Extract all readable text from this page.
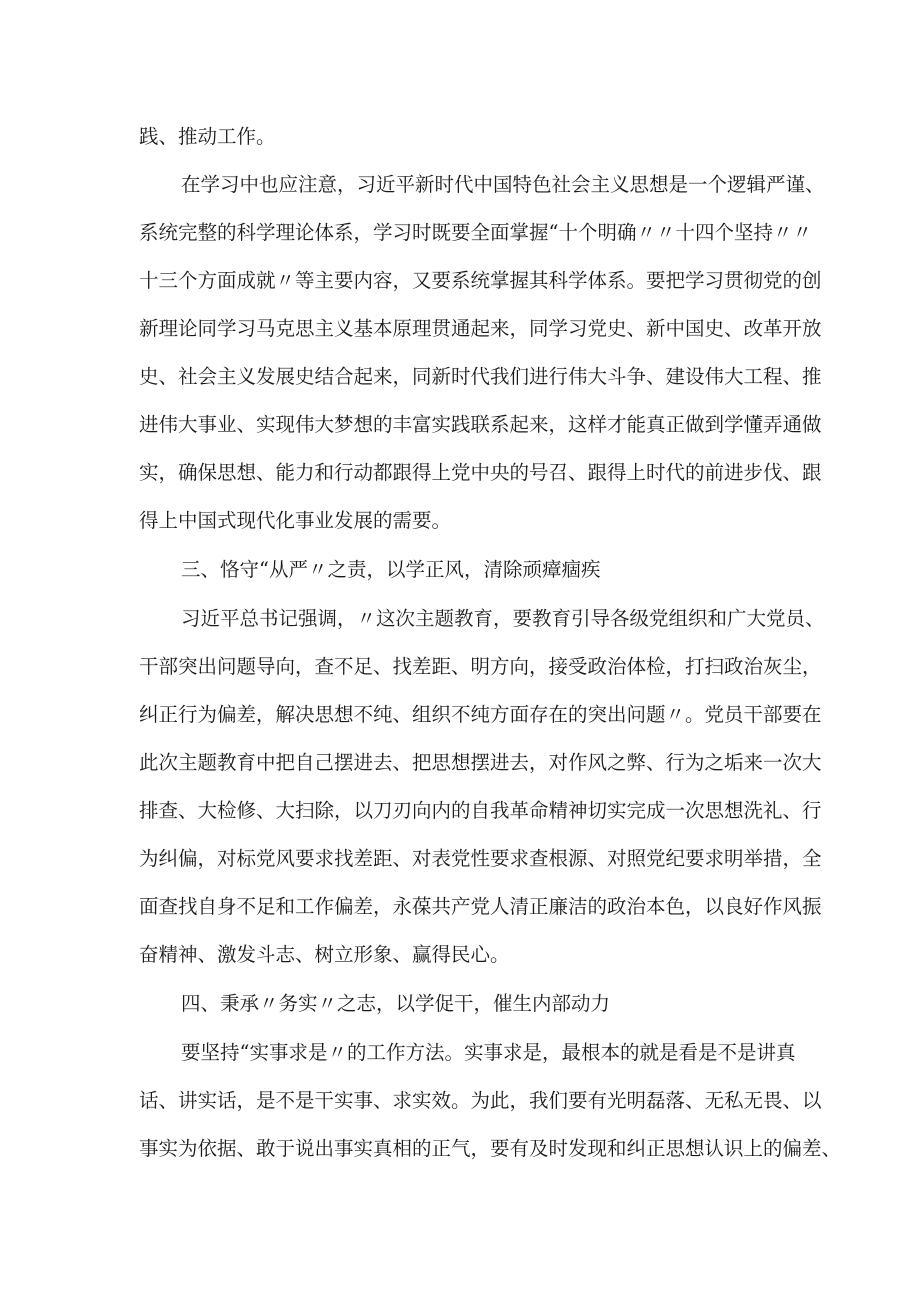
践、推动工作。
在学习中也应注意，习近平新时代中国特色社会主义思想是一个逻辑严谨、
系统完整的科学理论体系，学习时既要全面掌握“十个明确〃〃十四个坚持〃〃
十三个方面成就〃等主要内容，又要系统掌握其科学体系。要把学习贯彻党的创
新理论同学习马克思主义基本原理贯通起来，同学习党史、新中国史、改革开放
史、社会主义发展史结合起来，同新时代我们进行伟大斗争、建设伟大工程、推
进伟大事业、实现伟大梦想的丰富实践联系起来，这样才能真正做到学懂弄通做
实，确保思想、能力和行动都跟得上党中央的号召、跟得上时代的前进步伐、跟
得上中国式现代化事业发展的需要。
三、恪守“从严〃之责，以学正风，清除顽瘴痼疾
习近平总书记强调，〃这次主题教育，要教育引导各级党组织和广大党员、
干部突出问题导向，查不足、找差距、明方向，接受政治体检，打扫政治灰尘，
纠正行为偏差，解决思想不纯、组织不纯方面存在的突出问题〃。党员干部要在
此次主题教育中把自己摆进去、把思想摆进去，对作风之弊、行为之垢来一次大
排查、大检修、大扫除，以刀刃向内的自我革命精神切实完成一次思想洗礼、行
为纠偏，对标党风要求找差距、对表党性要求查根源、对照党纪要求明举措，全
面查找自身不足和工作偏差，永葆共产党人清正廉洁的政治本色，以良好作风振
奋精神、激发斗志、树立形象、赢得民心。
四、秉承〃务实〃之志，以学促干，催生内部动力
要坚持“实事求是〃的工作方法。实事求是，最根本的就是看是不是讲真
话、讲实话，是不是干实事、求实效。为此，我们要有光明磊落、无私无畏、以
事实为依据、敢于说出事实真相的正气，要有及时发现和纠正思想认识上的偏差、
